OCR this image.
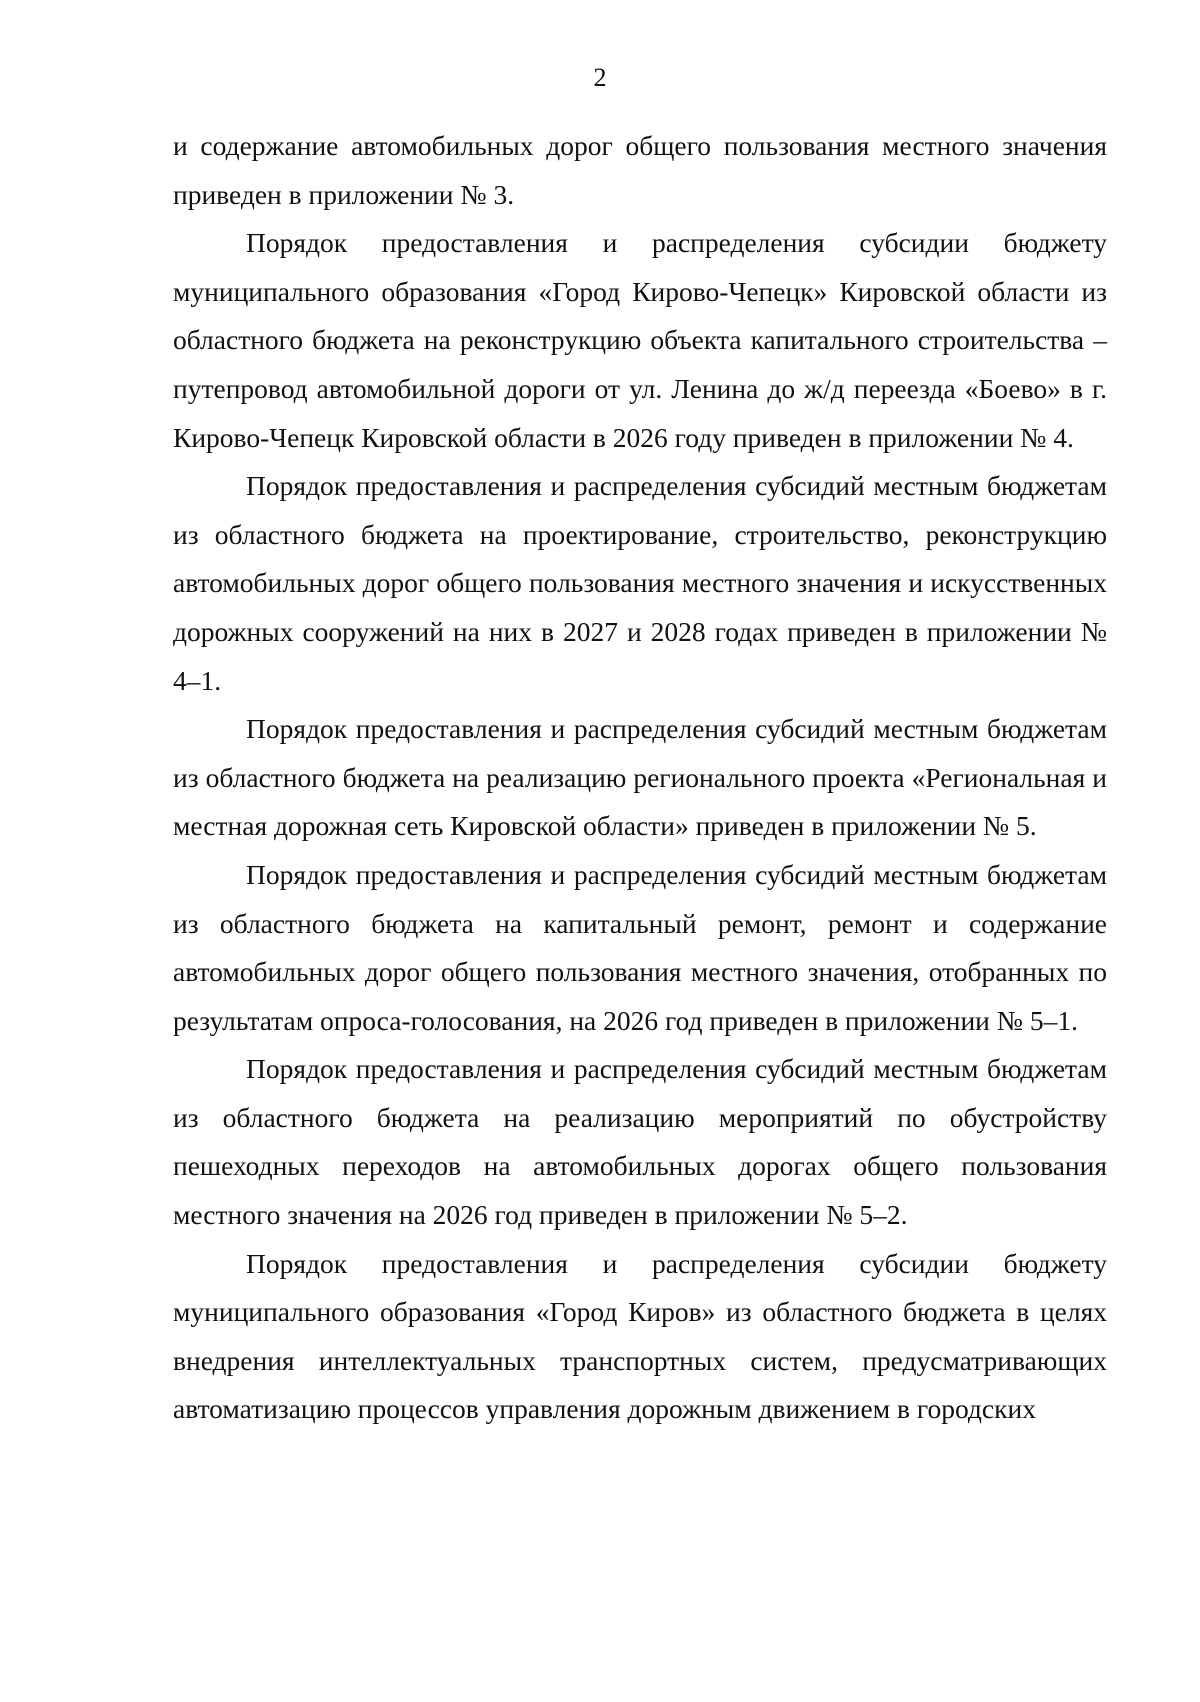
2

и содержание автомобильных дорог общего пользования местного значения приведен в приложении № 3.

Порядок предоставления и распределения субсидии бюджету муниципального образования «Город Кирово-Чепецк» Кировской области из областного бюджета на реконструкцию объекта капитального строительства – путепровод автомобильной дороги от ул. Ленина до ж/д переезда «Боево» в г. Кирово-Чепецк Кировской области в 2026 году приведен в приложении № 4.

Порядок предоставления и распределения субсидий местным бюджетам из областного бюджета на проектирование, строительство, реконструкцию автомобильных дорог общего пользования местного значения и искусственных дорожных сооружений на них в 2027 и 2028 годах приведен в приложении № 4–1.

Порядок предоставления и распределения субсидий местным бюджетам из областного бюджета на реализацию регионального проекта «Региональная и местная дорожная сеть Кировской области» приведен в приложении № 5.

Порядок предоставления и распределения субсидий местным бюджетам из областного бюджета на капитальный ремонт, ремонт и содержание автомобильных дорог общего пользования местного значения, отобранных по результатам опроса-голосования, на 2026 год приведен в приложении № 5–1.

Порядок предоставления и распределения субсидий местным бюджетам из областного бюджета на реализацию мероприятий по обустройству пешеходных переходов на автомобильных дорогах общего пользования местного значения на 2026 год приведен в приложении № 5–2.

Порядок предоставления и распределения субсидии бюджету муниципального образования «Город Киров» из областного бюджета в целях внедрения интеллектуальных транспортных систем, предусматривающих автоматизацию процессов управления дорожным движением в городских
